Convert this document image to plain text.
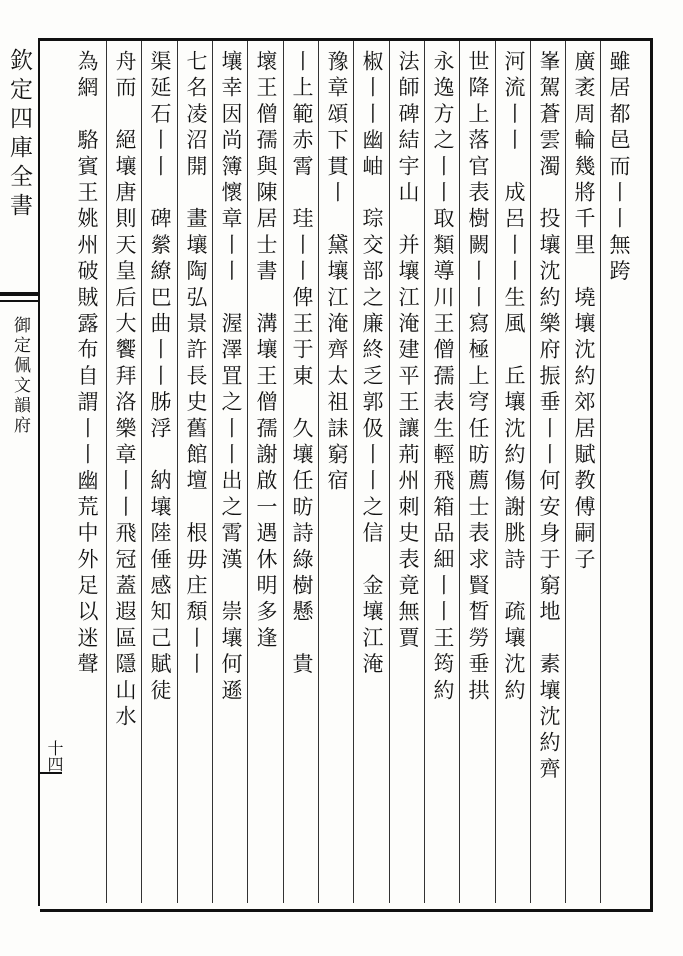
欽定四庫全書
御定佩文韻府
十四
雖居都邑而丨丨無跨
廣袤周輪幾將千里　墝壤沈約郊居賦教傅嗣子
峯駕蒼雲濁　投壤沈約樂府振垂丨丨何安身于窮地　素壤沈約齊
河流丨丨　成呂丨丨生風　丘壤沈約傷謝朓詩　疏壤沈約
世降上落官表樹闕丨丨寫極上穹任昉薦士表求賢晳勞垂拱
永逸方之丨丨取類導川王僧孺表生輕飛箱品細丨丨王筠約
法師碑結宇山　并壤江淹建平王讓荊州刺史表竟無賈
椒丨丨幽岫　琮交部之廉終乏郭伋丨丨之信　金壤江淹
豫章頌下貫丨　黛壤江淹齊太祖誄窮宿
丨上範赤霄　珪丨丨俾王于東　久壤任昉詩綠樹懸　貴
壞王僧孺與陳居士書　溝壤王僧孺謝啟一遇休明多逢
壤幸因尚簿懷章丨丨　渥澤罝之丨丨出之霄漢　崇壤何遜
七名凌沼開　畫壤陶弘景許長史舊館壇　根毋庄頽丨丨
渠延石丨丨　碑縈繚巴曲丨丨胏浮　納壤陸倕感知己賦徒
舟而　絕壤唐則天皇后大饗拜洛樂章丨丨飛冠蓋遐區隱山水
為網　駱賓王姚州破賊露布自謂丨丨幽荒中外足以迷聲
